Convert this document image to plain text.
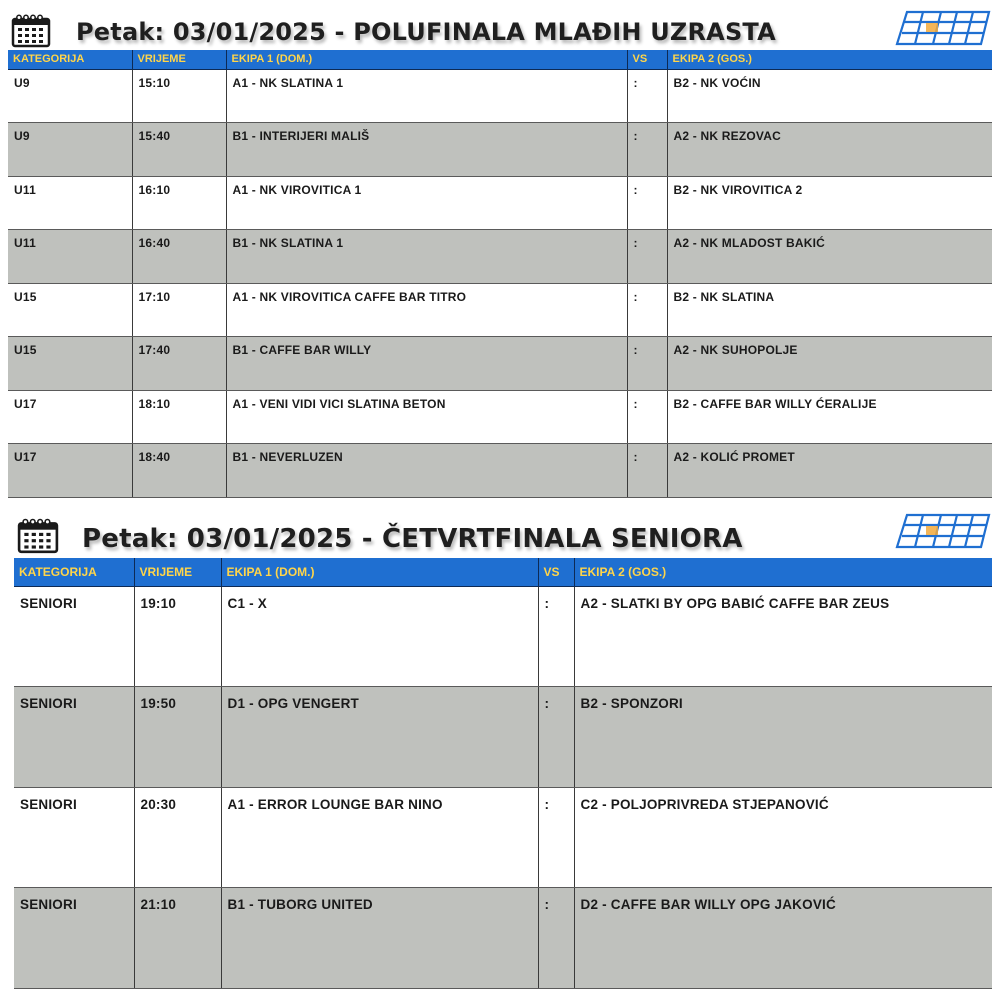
Petak: 03/01/2025 - POLUFINALA MLAĐIH UZRASTA
KATEGORIJA	VRIJEME	EKIPA 1 (DOM.)	VS	EKIPA 2 (GOS.)
U9	15:10	A1 - NK SLATINA 1	:	B2 - NK VOĆIN
U9	15:40	B1 - INTERIJERI MALIŠ	:	A2 - NK REZOVAC
U11	16:10	A1 - NK VIROVITICA 1	:	B2 - NK VIROVITICA 2
U11	16:40	B1 - NK SLATINA 1	:	A2 - NK MLADOST BAKIĆ
U15	17:10	A1 - NK VIROVITICA CAFFE BAR TITRO	:	B2 - NK SLATINA
U15	17:40	B1 - CAFFE BAR WILLY	:	A2 - NK SUHOPOLJE
U17	18:10	A1 - VENI VIDI VICI SLATINA BETON	:	B2 - CAFFE BAR WILLY ĆERALIJE
U17	18:40	B1 - NEVERLUZEN	:	A2 - KOLIĆ PROMET
Petak: 03/01/2025 - ČETVRTFINALA SENIORA
KATEGORIJA	VRIJEME	EKIPA 1 (DOM.)	VS	EKIPA 2 (GOS.)
SENIORI	19:10	C1 - X	:	A2 - SLATKI BY OPG BABIĆ CAFFE BAR ZEUS
SENIORI	19:50	D1 - OPG VENGERT	:	B2 - SPONZORI
SENIORI	20:30	A1 - ERROR LOUNGE BAR NINO	:	C2 - POLJOPRIVREDA STJEPANOVIĆ
SENIORI	21:10	B1 - TUBORG UNITED	:	D2 - CAFFE BAR WILLY OPG JAKOVIĆ
